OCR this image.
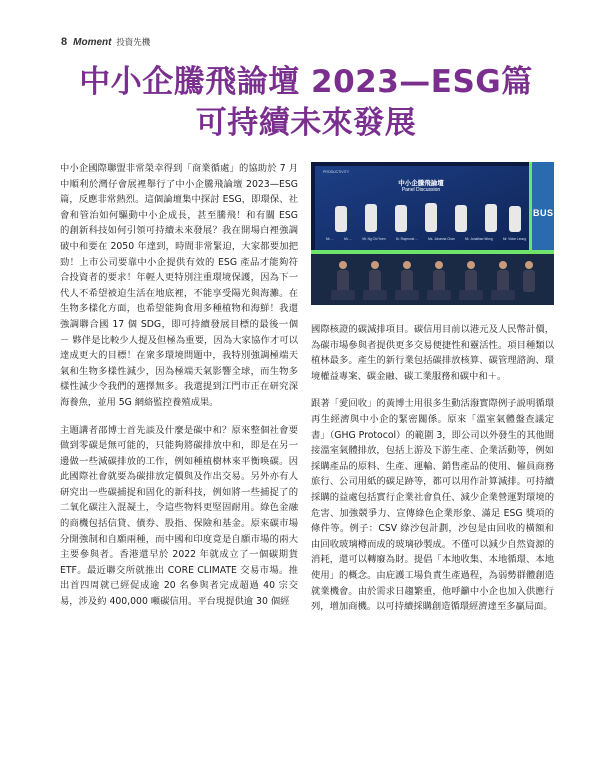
8 Moment 投資先機
中小企騰飛論壇 2023—ESG篇
可持續未來發展

中小企國際聯盟非常榮幸得到「商業循處」的協助於 7 月中順利於灣仔會展裡舉行了中小企騰飛論壇 2023—ESG 篇，反應非常熱烈。這個論壇集中探討 ESG，即環保、社會和管治如何驅動中小企成長，甚至騰飛！和有關 ESG 的創新科技如何引領可持續未來發展？我在開場白裡強調破中和要在 2050 年達到，時間非常緊迫，大家都要加把勁！上市公司要靠中小企提供有效的 ESG 產品才能夠符合投資者的要求！年輕人更特別注重環境保護，因為下一代人不希望被迫生活在地底裡，不能享受陽光與海灘。在生物多樣化方面，也希望能夠食用多種植物和海鮮！我還強調聯合國 17 個 SDG，即可持續發展目標的最後一個 － 夥伴是比較少人提及但極為重要，因為大家協作才可以達成更大的目標！在衆多環境問題中，我特別強調極端天氣和生物多樣性減少，因為極端天氣影響全球，而生物多樣性減少令我們的選擇無多。我還提到江門市正在研究深海養魚，並用 5G 網絡監控養殖成果。

主題講者邵博士首先談及什麼是碳中和？原來整個社會要做到零碳是無可能的，只能夠將碳排放中和，即是在另一邊做一些減碳排放的工作，例如種植樹林來平衡唤碳。因此國際社會就要為碳排放定價與及作出交易。另外亦有人研究出一些碳捕捉和固化的新科技，例如將一些捕捉了的二氧化碳注入混凝土，令這些物料更堅固耐用。綠色金融的商機包括信貸、債券、股指、保險和基金。原來碳市場分開強制和自願兩種，而中國和印度竟是自願市場的兩大主要參與者。香港還早於 2022 年就成立了一個碳期貨 ETF。最近聯交所就推出 CORE CLIMATE 交易市場。推出首四周就已經促成逾 20 名參與者完成超過 40 宗交易，涉及約 400,000 噸碳信用。平台現提供逾 30 個經

PRODUCTIVITY
中小企騰飛論壇
Panel Discussion
BUS
Mr. ...	Mr. ...	Mr. Ng Chi Yuen	Dr. Raymond ...	Ms. Johanna Chan	Mr. Jonathan Wong	Mr. Victor Leung

國際核證的碳減排項目。碳信用目前以港元及人民幣計價，為碳市場參與者提供更多交易便捷性和靈活性。項目種類以植林最多。產生的新行業包括碳排放核算、碳管理諮詢、環境權益專案、碳金融、碳工業服務和碳中和＋。

跟著「愛回收」的黃博士用很多生動活潑實際例子説明循環再生經濟與中小企的緊密關係。原來「溫室氣體盤查議定書」（GHG Protocol）的範圍 3，即公司以外發生的其他間接溫室氣體排放，包括上游及下游生產、企業活動等，例如採購產品的原料、生產、運輸、銷售產品的使用、僱員商務旅行、公司用紙的碳足跡等，都可以用作計算減排。可持續採購的益處包括實行企業社會負任、減少企業營運對環境的危害、加強競爭力、宣傳綠色企業形象、滿足 ESG 獎項的條件等。例子：CSV 綠沙包計劃，沙包是由回收的橫額和由回收玻璃樽而成的玻璃砂製成。不僅可以減少自然資源的消耗，還可以轉廢為財。提倡「本地收集、本地循環、本地使用」的概念。由庇護工場負責生產過程，為弱勢群體創造就業機會。由於需求日趨繁重，他呼籲中小企也加入供應行列，增加商機。以可持續採購創造循環經濟達至多贏局面。
